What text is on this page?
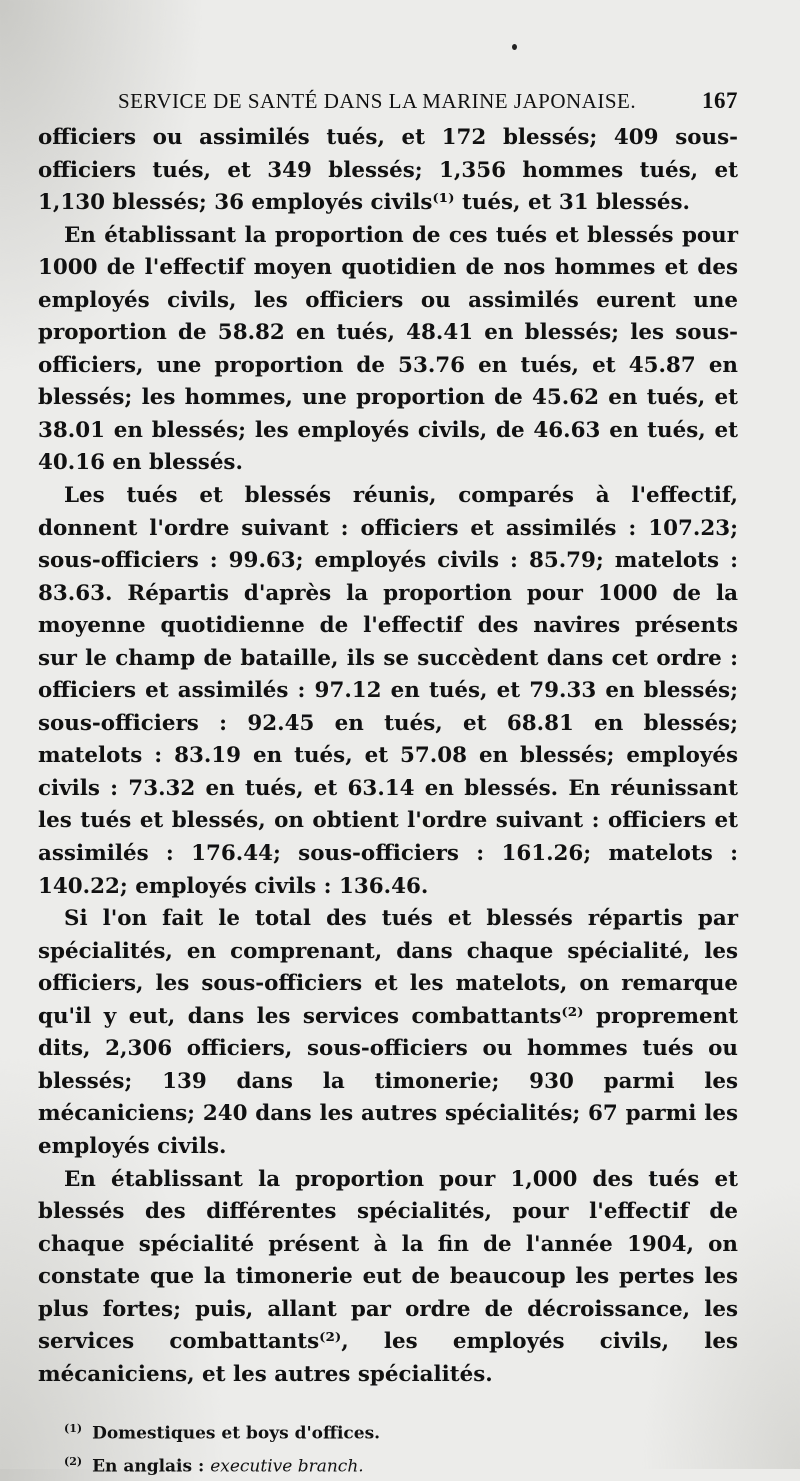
SERVICE DE SANTÉ DANS LA MARINE JAPONAISE.	167

officiers ou assimilés tués, et 172 blessés; 409 sous-officiers tués, et 349 blessés; 1,356 hommes tués, et 1,130 blessés; 36 employés civils⁽¹⁾ tués, et 31 blessés.

En établissant la proportion de ces tués et blessés pour 1000 de l'effectif moyen quotidien de nos hommes et des employés civils, les officiers ou assimilés eurent une proportion de 58.82 en tués, 48.41 en blessés; les sous-officiers, une proportion de 53.76 en tués, et 45.87 en blessés; les hommes, une proportion de 45.62 en tués, et 38.01 en blessés; les employés civils, de 46.63 en tués, et 40.16 en blessés.

Les tués et blessés réunis, comparés à l'effectif, donnent l'ordre suivant : officiers et assimilés : 107.23; sous-officiers : 99.63; employés civils : 85.79; matelots : 83.63. Répartis d'après la proportion pour 1000 de la moyenne quotidienne de l'effectif des navires présents sur le champ de bataille, ils se succèdent dans cet ordre : officiers et assimilés : 97.12 en tués, et 79.33 en blessés; sous-officiers : 92.45 en tués, et 68.81 en blessés; matelots : 83.19 en tués, et 57.08 en blessés; employés civils : 73.32 en tués, et 63.14 en blessés. En réunissant les tués et blessés, on obtient l'ordre suivant : officiers et assimilés : 176.44; sous-officiers : 161.26; matelots : 140.22; employés civils : 136.46.

Si l'on fait le total des tués et blessés répartis par spécialités, en comprenant, dans chaque spécialité, les officiers, les sous-officiers et les matelots, on remarque qu'il y eut, dans les services combattants⁽²⁾ proprement dits, 2,306 officiers, sous-officiers ou hommes tués ou blessés; 139 dans la timonerie; 930 parmi les mécaniciens; 240 dans les autres spécialités; 67 parmi les employés civils.

En établissant la proportion pour 1,000 des tués et blessés des différentes spécialités, pour l'effectif de chaque spécialité présent à la fin de l'année 1904, on constate que la timonerie eut de beaucoup les pertes les plus fortes; puis, allant par ordre de décroissance, les services combattants⁽²⁾, les employés civils, les mécaniciens, et les autres spécialités.

$^{(1)}$ Domestiques et boys d'offices.
$^{(2)}$ En anglais : executive branch.
